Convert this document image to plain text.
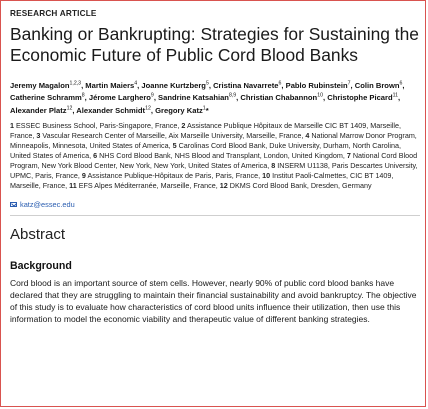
RESEARCH ARTICLE
Banking or Bankrupting: Strategies for Sustaining the Economic Future of Public Cord Blood Banks
Jeremy Magalon$^{1,2,3}$, Martin Maiers$^4$, Joanne Kurtzberg$^5$, Cristina Navarrete$^6$, Pablo Rubinstein$^7$, Colin Brown$^6$, Catherine Schramm$^8$, Jérome Larghero$^9$, Sandrine Katsahian$^{8,9}$, Christian Chabannon$^{10}$, Christophe Picard$^{11}$, Alexander Platz$^{12}$, Alexander Schmidt$^{12}$, Gregory Katz$^1$*
1 ESSEC Business School, Paris-Singapore, France, 2 Assistance Publique Hôpitaux de Marseille CIC BT 1409, Marseille, France, 3 Vascular Research Center of Marseille, Aix Marseille University, Marseille, France, 4 National Marrow Donor Program, Minneapolis, Minnesota, United States of America, 5 Carolinas Cord Blood Bank, Duke University, Durham, North Carolina, United States of America, 6 NHS Cord Blood Bank, NHS Blood and Transplant, London, United Kingdom, 7 National Cord Blood Program, New York Blood Center, New York, New York, United States of America, 8 INSERM U1138, Paris Descartes University, UPMC, Paris, France, 9 Assistance Publique-Hôpitaux de Paris, Paris, France, 10 Institut Paoli-Calmettes, CIC BT 1409, Marseille, France, 11 EFS Alpes Méditerranée, Marseille, France, 12 DKMS Cord Blood Bank, Dresden, Germany
katz@essec.edu
Abstract
Background

Cord blood is an important source of stem cells. However, nearly 90% of public cord blood banks have declared that they are struggling to maintain their financial sustainability and avoid bankruptcy. The objective of this study is to evaluate how characteristics of cord blood units influence their utilization, then use this information to model the economic viability and therapeutic value of different banking strategies.
